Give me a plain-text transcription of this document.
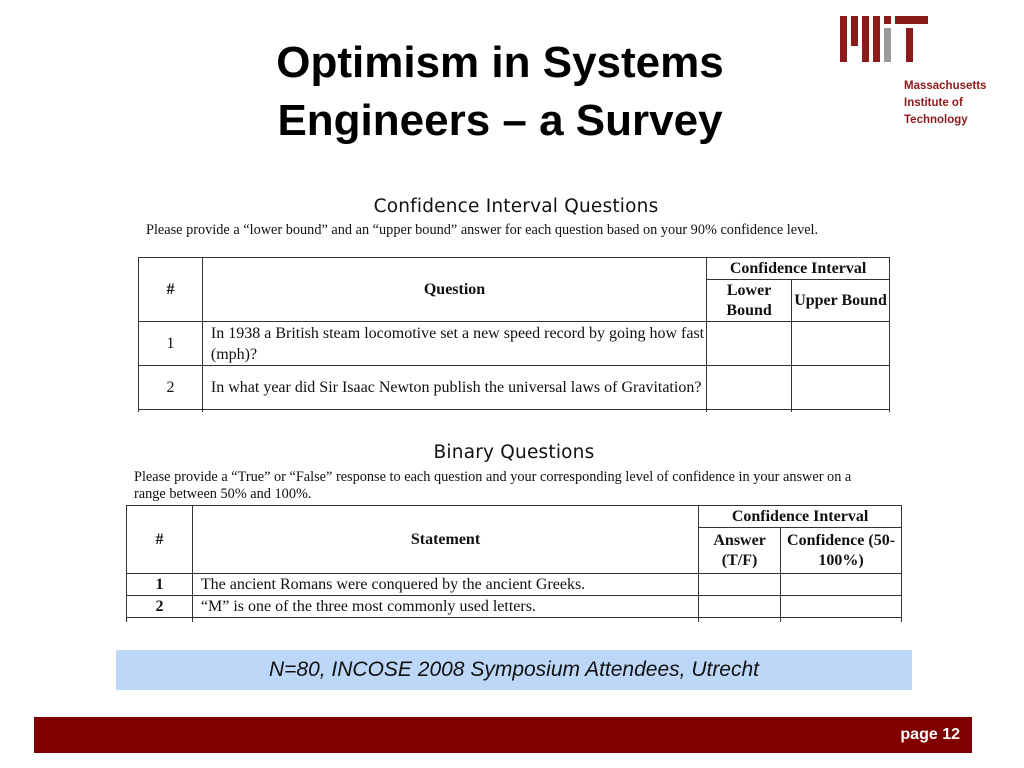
Optimism in Systems
Engineers – a Survey
Massachusetts
Institute of
Technology
Confidence Interval Questions
Please provide a “lower bound” and an “upper bound” answer for each question based on your 90% confidence level.
#	Question	Confidence Interval	
		Lower Bound	Upper Bound
1	In 1938 a British steam locomotive set a new speed record by going how fast (mph)?		
2	In what year did Sir Isaac Newton publish the universal laws of Gravitation?		

Binary Questions
Please provide a “True” or “False” response to each question and your corresponding level of confidence in your answer on a range between 50% and 100%.
#	Statement	Confidence Interval	
		Answer (T/F)	Confidence (50-100%)
1	The ancient Romans were conquered by the ancient Greeks.		
2	“M” is one of the three most commonly used letters.		

N=80, INCOSE 2008 Symposium Attendees, Utrecht
page 12
